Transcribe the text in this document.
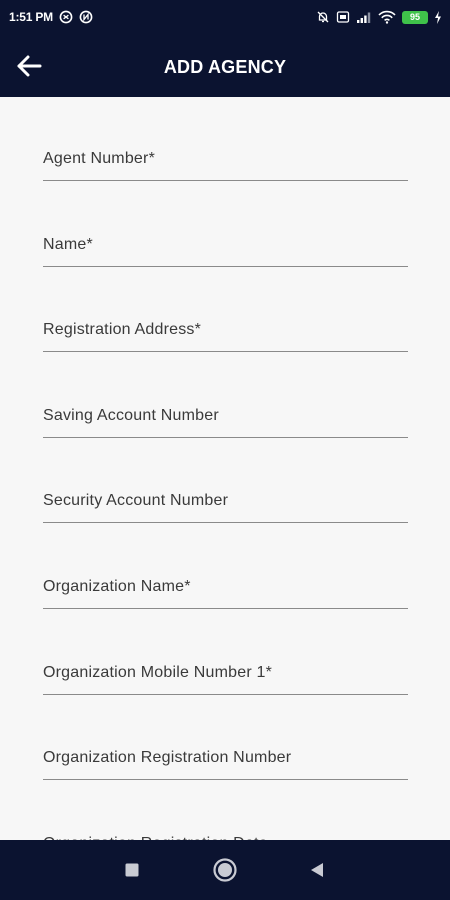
1:51 PM	95
ADD AGENCY
Agent Number*
Name*
Registration Address*
Saving Account Number
Security Account Number
Organization Name*
Organization Mobile Number 1*
Organization Registration Number
Organization Registration Date
